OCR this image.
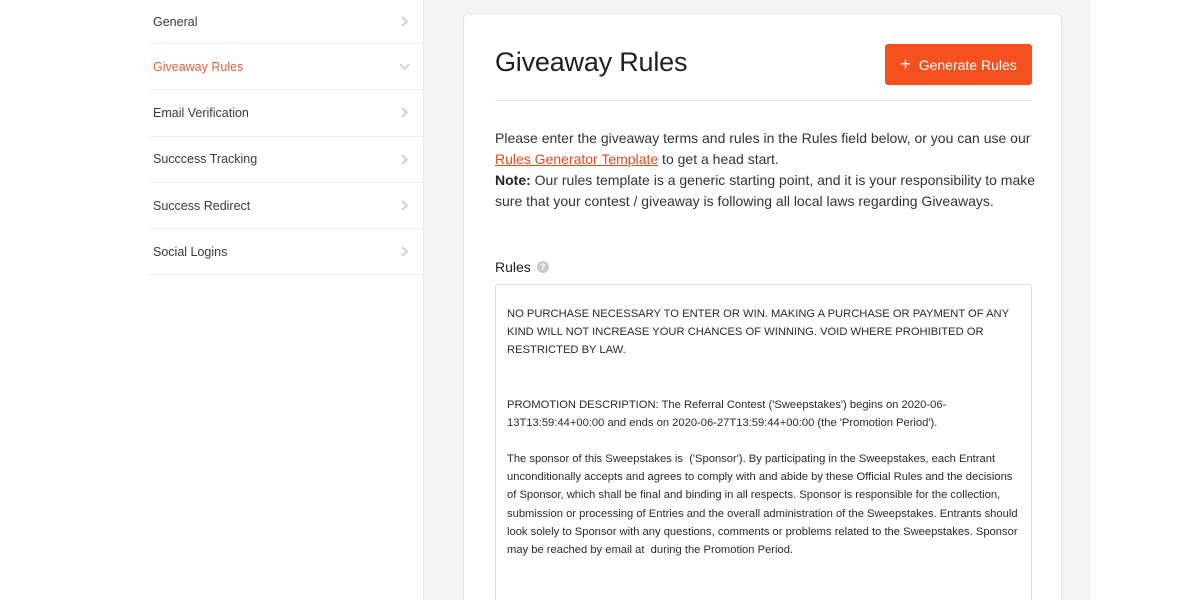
General
Giveaway Rules
Email Verification
Succcess Tracking
Success Redirect
Social Logins
Giveaway Rules	+ Generate Rules
Please enter the giveaway terms and rules in the Rules field below, or you can use our Rules Generator Template to get a head start.
Note: Our rules template is a generic starting point, and it is your responsibility to make sure that your contest / giveaway is following all local laws regarding Giveaways.
Rules	?

NO PURCHASE NECESSARY TO ENTER OR WIN. MAKING A PURCHASE OR PAYMENT OF ANY KIND WILL NOT INCREASE YOUR CHANCES OF WINNING. VOID WHERE PROHIBITED OR RESTRICTED BY LAW.

PROMOTION DESCRIPTION: The Referral Contest ('Sweepstakes') begins on 2020-06-13T13:59:44+00:00 and ends on 2020-06-27T13:59:44+00:00 (the 'Promotion Period').

The sponsor of this Sweepstakes is  ('Sponsor'). By participating in the Sweepstakes, each Entrant unconditionally accepts and agrees to comply with and abide by these Official Rules and the decisions of Sponsor, which shall be final and binding in all respects. Sponsor is responsible for the collection, submission or processing of Entries and the overall administration of the Sweepstakes. Entrants should look solely to Sponsor with any questions, comments or problems related to the Sweepstakes. Sponsor may be reached by email at  during the Promotion Period.
